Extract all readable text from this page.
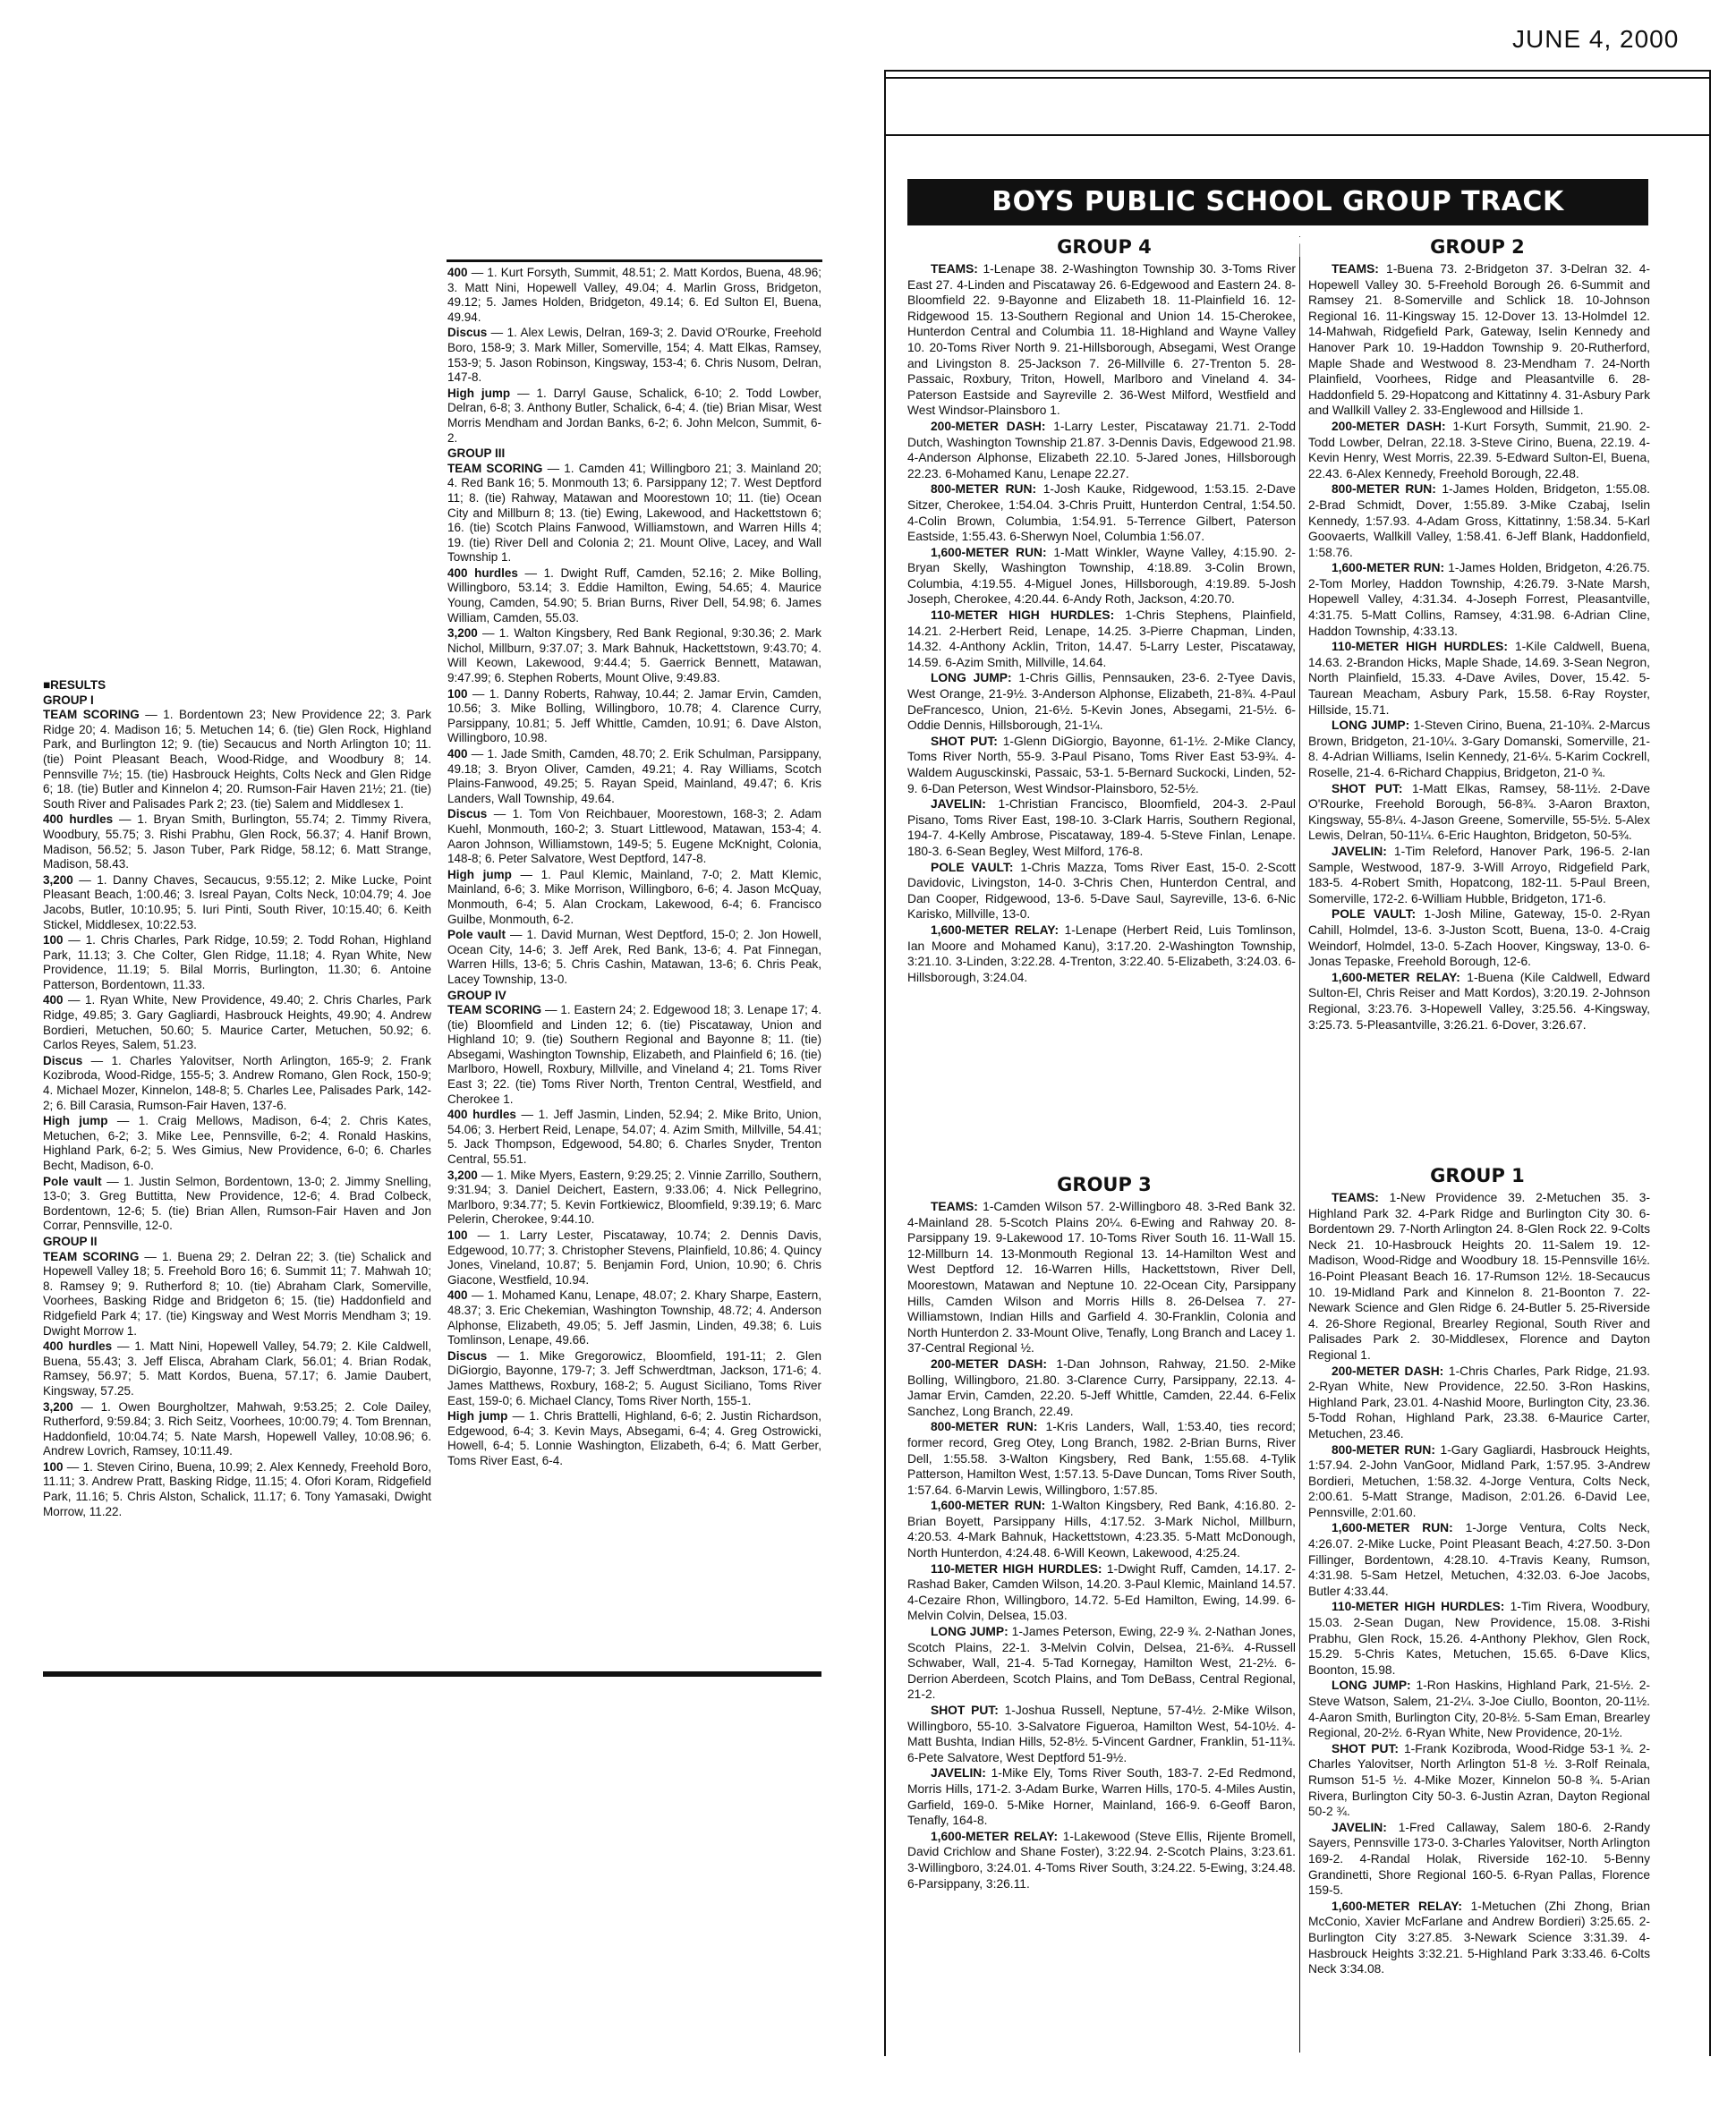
■RESULTS
GROUP I

TEAM SCORING — 1. Bordentown 23; New Providence 22; 3. Park Ridge 20; 4. Madison 16; 5. Metuchen 14; 6. (tie) Glen Rock, Highland Park, and Burlington 12; 9. (tie) Secaucus and North Arlington 10; 11. (tie) Point Pleasant Beach, Wood-Ridge, and Woodbury 8; 14. Pennsville 7½; 15. (tie) Hasbrouck Heights, Colts Neck and Glen Ridge 6; 18. (tie) Butler and Kinnelon 4; 20. Rumson-Fair Haven 21½; 21. (tie) South River and Palisades Park 2; 23. (tie) Salem and Middlesex 1.

400 hurdles — 1. Bryan Smith, Burlington, 55.74; 2. Timmy Rivera, Woodbury, 55.75; 3. Rishi Prabhu, Glen Rock, 56.37; 4. Hanif Brown, Madison, 56.52; 5. Jason Tuber, Park Ridge, 58.12; 6. Matt Strange, Madison, 58.43.

3,200 — 1. Danny Chaves, Secaucus, 9:55.12; 2. Mike Lucke, Point Pleasant Beach, 1:00.46; 3. Isreal Payan, Colts Neck, 10:04.79; 4. Joe Jacobs, Butler, 10:10.95; 5. Iuri Pinti, South River, 10:15.40; 6. Keith Stickel, Middlesex, 10:22.53.

100 — 1. Chris Charles, Park Ridge, 10.59; 2. Todd Rohan, Highland Park, 11.13; 3. Che Colter, Glen Ridge, 11.18; 4. Ryan White, New Providence, 11.19; 5. Bilal Morris, Burlington, 11.30; 6. Antoine Patterson, Bordentown, 11.33.

400 — 1. Ryan White, New Providence, 49.40; 2. Chris Charles, Park Ridge, 49.85; 3. Gary Gagliardi, Hasbrouck Heights, 49.90; 4. Andrew Bordieri, Metuchen, 50.60; 5. Maurice Carter, Metuchen, 50.92; 6. Carlos Reyes, Salem, 51.23.

Discus — 1. Charles Yalovitser, North Arlington, 165-9; 2. Frank Kozibroda, Wood-Ridge, 155-5; 3. Andrew Romano, Glen Rock, 150-9; 4. Michael Mozer, Kinnelon, 148-8; 5. Charles Lee, Palisades Park, 142-2; 6. Bill Carasia, Rumson-Fair Haven, 137-6.

High jump — 1. Craig Mellows, Madison, 6-4; 2. Chris Kates, Metuchen, 6-2; 3. Mike Lee, Pennsville, 6-2; 4. Ronald Haskins, Highland Park, 6-2; 5. Wes Gimius, New Providence, 6-0; 6. Charles Becht, Madison, 6-0.

Pole vault — 1. Justin Selmon, Bordentown, 13-0; 2. Jimmy Snelling, 13-0; 3. Greg Buttitta, New Providence, 12-6; 4. Brad Colbeck, Bordentown, 12-6; 5. (tie) Brian Allen, Rumson-Fair Haven and Jon Corrar, Pennsville, 12-0.

GROUP II

TEAM SCORING — 1. Buena 29; 2. Delran 22; 3. (tie) Schalick and Hopewell Valley 18; 5. Freehold Boro 16; 6. Summit 11; 7. Mahwah 10; 8. Ramsey 9; 9. Rutherford 8; 10. (tie) Abraham Clark, Somerville, Voorhees, Basking Ridge and Bridgeton 6; 15. (tie) Haddonfield and Ridgefield Park 4; 17. (tie) Kingsway and West Morris Mendham 3; 19. Dwight Morrow 1.

400 hurdles — 1. Matt Nini, Hopewell Valley, 54.79; 2. Kile Caldwell, Buena, 55.43; 3. Jeff Elisca, Abraham Clark, 56.01; 4. Brian Rodak, Ramsey, 56.97; 5. Matt Kordos, Buena, 57.17; 6. Jamie Daubert, Kingsway, 57.25.

3,200 — 1. Owen Bourgholtzer, Mahwah, 9:53.25; 2. Cole Dailey, Rutherford, 9:59.84; 3. Rich Seitz, Voorhees, 10:00.79; 4. Tom Brennan, Haddonfield, 10:04.74; 5. Nate Marsh, Hopewell Valley, 10:08.96; 6. Andrew Lovrich, Ramsey, 10:11.49.

100 — 1. Steven Cirino, Buena, 10.99; 2. Alex Kennedy, Freehold Boro, 11.11; 3. Andrew Pratt, Basking Ridge, 11.15; 4. Ofori Koram, Ridgefield Park, 11.16; 5. Chris Alston, Schalick, 11.17; 6. Tony Yamasaki, Dwight Morrow, 11.22.

400 — 1. Kurt Forsyth, Summit, 48.51; 2. Matt Kordos, Buena, 48.96; 3. Matt Nini, Hopewell Valley, 49.04; 4. Marlin Gross, Bridgeton, 49.12; 5. James Holden, Bridgeton, 49.14; 6. Ed Sulton El, Buena, 49.94.

Discus — 1. Alex Lewis, Delran, 169-3; 2. David O'Rourke, Freehold Boro, 158-9; 3. Mark Miller, Somerville, 154; 4. Matt Elkas, Ramsey, 153-9; 5. Jason Robinson, Kingsway, 153-4; 6. Chris Nusom, Delran, 147-8.

High jump — 1. Darryl Gause, Schalick, 6-10; 2. Todd Lowber, Delran, 6-8; 3. Anthony Butler, Schalick, 6-4; 4. (tie) Brian Misar, West Morris Mendham and Jordan Banks, 6-2; 6. John Melcon, Summit, 6-2.

GROUP III

TEAM SCORING — 1. Camden 41; Willingboro 21; 3. Mainland 20; 4. Red Bank 16; 5. Monmouth 13; 6. Parsippany 12; 7. West Deptford 11; 8. (tie) Rahway, Matawan and Moorestown 10; 11. (tie) Ocean City and Millburn 8; 13. (tie) Ewing, Lakewood, and Hackettstown 6; 16. (tie) Scotch Plains Fanwood, Williamstown, and Warren Hills 4; 19. (tie) River Dell and Colonia 2; 21. Mount Olive, Lacey, and Wall Township 1.

400 hurdles — 1. Dwight Ruff, Camden, 52.16; 2. Mike Bolling, Willingboro, 53.14; 3. Eddie Hamilton, Ewing, 54.65; 4. Maurice Young, Camden, 54.90; 5. Brian Burns, River Dell, 54.98; 6. James William, Camden, 55.03.

3,200 — 1. Walton Kingsbery, Red Bank Regional, 9:30.36; 2. Mark Nichol, Millburn, 9:37.07; 3. Mark Bahnuk, Hackettstown, 9:43.70; 4. Will Keown, Lakewood, 9:44.4; 5. Gaerrick Bennett, Matawan, 9:47.99; 6. Stephen Roberts, Mount Olive, 9:49.83.

100 — 1. Danny Roberts, Rahway, 10.44; 2. Jamar Ervin, Camden, 10.56; 3. Mike Bolling, Willingboro, 10.78; 4. Clarence Curry, Parsippany, 10.81; 5. Jeff Whittle, Camden, 10.91; 6. Dave Alston, Willingboro, 10.98.

400 — 1. Jade Smith, Camden, 48.70; 2. Erik Schulman, Parsippany, 49.18; 3. Bryon Oliver, Camden, 49.21; 4. Ray Williams, Scotch Plains-Fanwood, 49.25; 5. Rayan Speid, Mainland, 49.47; 6. Kris Landers, Wall Township, 49.64.

Discus — 1. Tom Von Reichbauer, Moorestown, 168-3; 2. Adam Kuehl, Monmouth, 160-2; 3. Stuart Littlewood, Matawan, 153-4; 4. Aaron Johnson, Williamstown, 149-5; 5. Eugene McKnight, Colonia, 148-8; 6. Peter Salvatore, West Deptford, 147-8.

High jump — 1. Paul Klemic, Mainland, 7-0; 2. Matt Klemic, Mainland, 6-6; 3. Mike Morrison, Willingboro, 6-6; 4. Jason McQuay, Monmouth, 6-4; 5. Alan Crockam, Lakewood, 6-4; 6. Francisco Guilbe, Monmouth, 6-2.

Pole vault — 1. David Murnan, West Deptford, 15-0; 2. Jon Howell, Ocean City, 14-6; 3. Jeff Arek, Red Bank, 13-6; 4. Pat Finnegan, Warren Hills, 13-6; 5. Chris Cashin, Matawan, 13-6; 6. Chris Peak, Lacey Township, 13-0.

GROUP IV

TEAM SCORING — 1. Eastern 24; 2. Edgewood 18; 3. Lenape 17; 4. (tie) Bloomfield and Linden 12; 6. (tie) Piscataway, Union and Highland 10; 9. (tie) Southern Regional and Bayonne 8; 11. (tie) Absegami, Washington Township, Elizabeth, and Plainfield 6; 16. (tie) Marlboro, Howell, Roxbury, Millville, and Vineland 4; 21. Toms River East 3; 22. (tie) Toms River North, Trenton Central, Westfield, and Cherokee 1.

400 hurdles — 1. Jeff Jasmin, Linden, 52.94; 2. Mike Brito, Union, 54.06; 3. Herbert Reid, Lenape, 54.07; 4. Azim Smith, Millville, 54.41; 5. Jack Thompson, Edgewood, 54.80; 6. Charles Snyder, Trenton Central, 55.51.

3,200 — 1. Mike Myers, Eastern, 9:29.25; 2. Vinnie Zarrillo, Southern, 9:31.94; 3. Daniel Deichert, Eastern, 9:33.06; 4. Nick Pellegrino, Marlboro, 9:34.77; 5. Kevin Fortkiewicz, Bloomfield, 9:39.19; 6. Marc Pelerin, Cherokee, 9:44.10.

100 — 1. Larry Lester, Piscataway, 10.74; 2. Dennis Davis, Edgewood, 10.77; 3. Christopher Stevens, Plainfield, 10.86; 4. Quincy Jones, Vineland, 10.87; 5. Benjamin Ford, Union, 10.90; 6. Chris Giacone, Westfield, 10.94.

400 — 1. Mohamed Kanu, Lenape, 48.07; 2. Khary Sharpe, Eastern, 48.37; 3. Eric Chekemian, Washington Township, 48.72; 4. Anderson Alphonse, Elizabeth, 49.05; 5. Jeff Jasmin, Linden, 49.38; 6. Luis Tomlinson, Lenape, 49.66.

Discus — 1. Mike Gregorowicz, Bloomfield, 191-11; 2. Glen DiGiorgio, Bayonne, 179-7; 3. Jeff Schwerdtman, Jackson, 171-6; 4. James Matthews, Roxbury, 168-2; 5. August Siciliano, Toms River East, 159-0; 6. Michael Clancy, Toms River North, 155-1.

High jump — 1. Chris Brattelli, Highland, 6-6; 2. Justin Richardson, Edgewood, 6-4; 3. Kevin Mays, Absegami, 6-4; 4. Greg Ostrowicki, Howell, 6-4; 5. Lonnie Washington, Elizabeth, 6-4; 6. Matt Gerber, Toms River East, 6-4.

JUNE 4, 2000
BOYS PUBLIC SCHOOL GROUP TRACK CHAMPIONSHIPS
GROUP 4

TEAMS: 1-Lenape 38. 2-Washington Township 30. 3-Toms River East 27. 4-Linden and Piscataway 26. 6-Edgewood and Eastern 24. 8-Bloomfield 22. 9-Bayonne and Elizabeth 18. 11-Plainfield 16. 12-Ridgewood 15. 13-Southern Regional and Union 14. 15-Cherokee, Hunterdon Central and Columbia 11. 18-Highland and Wayne Valley 10. 20-Toms River North 9. 21-Hillsborough, Absegami, West Orange and Livingston 8. 25-Jackson 7. 26-Millville 6. 27-Trenton 5. 28-Passaic, Roxbury, Triton, Howell, Marlboro and Vineland 4. 34-Paterson Eastside and Sayreville 2. 36-West Milford, Westfield and West Windsor-Plainsboro 1.

200-METER DASH: 1-Larry Lester, Piscataway 21.71. 2-Todd Dutch, Washington Township 21.87. 3-Dennis Davis, Edgewood 21.98. 4-Anderson Alphonse, Elizabeth 22.10. 5-Jared Jones, Hillsborough 22.23. 6-Mohamed Kanu, Lenape 22.27.

800-METER RUN: 1-Josh Kauke, Ridgewood, 1:53.15. 2-Dave Sitzer, Cherokee, 1:54.04. 3-Chris Pruitt, Hunterdon Central, 1:54.50. 4-Colin Brown, Columbia, 1:54.91. 5-Terrence Gilbert, Paterson Eastside, 1:55.43. 6-Sherwyn Noel, Columbia 1:56.07.

1,600-METER RUN: 1-Matt Winkler, Wayne Valley, 4:15.90. 2-Bryan Skelly, Washington Township, 4:18.89. 3-Colin Brown, Columbia, 4:19.55. 4-Miguel Jones, Hillsborough, 4:19.89. 5-Josh Joseph, Cherokee, 4:20.44. 6-Andy Roth, Jackson, 4:20.70.

110-METER HIGH HURDLES: 1-Chris Stephens, Plainfield, 14.21. 2-Herbert Reid, Lenape, 14.25. 3-Pierre Chapman, Linden, 14.32. 4-Anthony Acklin, Triton, 14.47. 5-Larry Lester, Piscataway, 14.59. 6-Azim Smith, Millville, 14.64.

LONG JUMP: 1-Chris Gillis, Pennsauken, 23-6. 2-Tyee Davis, West Orange, 21-9½. 3-Anderson Alphonse, Elizabeth, 21-8¾. 4-Paul DeFrancesco, Union, 21-6½. 5-Kevin Jones, Absegami, 21-5½. 6-Oddie Dennis, Hillsborough, 21-1¼.

SHOT PUT: 1-Glenn DiGiorgio, Bayonne, 61-1½. 2-Mike Clancy, Toms River North, 55-9. 3-Paul Pisano, Toms River East 53-9¾. 4-Waldem Augusckinski, Passaic, 53-1. 5-Bernard Suckocki, Linden, 52-9. 6-Dan Peterson, West Windsor-Plainsboro, 52-5½.

JAVELIN: 1-Christian Francisco, Bloomfield, 204-3. 2-Paul Pisano, Toms River East, 198-10. 3-Clark Harris, Southern Regional, 194-7. 4-Kelly Ambrose, Piscataway, 189-4. 5-Steve Finlan, Lenape. 180-3. 6-Sean Begley, West Milford, 176-8.

POLE VAULT: 1-Chris Mazza, Toms River East, 15-0. 2-Scott Davidovic, Livingston, 14-0. 3-Chris Chen, Hunterdon Central, and Dan Cooper, Ridgewood, 13-6. 5-Dave Saul, Sayreville, 13-6. 6-Nic Karisko, Millville, 13-0.

1,600-METER RELAY: 1-Lenape (Herbert Reid, Luis Tomlinson, Ian Moore and Mohamed Kanu), 3:17.20. 2-Washington Township, 3:21.10. 3-Linden, 3:22.28. 4-Trenton, 3:22.40. 5-Elizabeth, 3:24.03. 6-Hillsborough, 3:24.04.

GROUP 3

TEAMS: 1-Camden Wilson 57. 2-Willingboro 48. 3-Red Bank 32. 4-Mainland 28. 5-Scotch Plains 20¼. 6-Ewing and Rahway 20. 8-Parsippany 19. 9-Lakewood 17. 10-Toms River South 16. 11-Wall 15. 12-Millburn 14. 13-Monmouth Regional 13. 14-Hamilton West and West Deptford 12. 16-Warren Hills, Hackettstown, River Dell, Moorestown, Matawan and Neptune 10. 22-Ocean City, Parsippany Hills, Camden Wilson and Morris Hills 8. 26-Delsea 7. 27-Williamstown, Indian Hills and Garfield 4. 30-Franklin, Colonia and North Hunterdon 2. 33-Mount Olive, Tenafly, Long Branch and Lacey 1. 37-Central Regional ½.

200-METER DASH: 1-Dan Johnson, Rahway, 21.50. 2-Mike Bolling, Willingboro, 21.80. 3-Clarence Curry, Parsippany, 22.13. 4-Jamar Ervin, Camden, 22.20. 5-Jeff Whittle, Camden, 22.44. 6-Felix Sanchez, Long Branch, 22.49.

800-METER RUN: 1-Kris Landers, Wall, 1:53.40, ties record; former record, Greg Otey, Long Branch, 1982. 2-Brian Burns, River Dell, 1:55.58. 3-Walton Kingsbery, Red Bank, 1:55.68. 4-Tylik Patterson, Hamilton West, 1:57.13. 5-Dave Duncan, Toms River South, 1:57.64. 6-Marvin Lewis, Willingboro, 1:57.85.

1,600-METER RUN: 1-Walton Kingsbery, Red Bank, 4:16.80. 2-Brian Boyett, Parsippany Hills, 4:17.52. 3-Mark Nichol, Millburn, 4:20.53. 4-Mark Bahnuk, Hackettstown, 4:23.35. 5-Matt McDonough, North Hunterdon, 4:24.48. 6-Will Keown, Lakewood, 4:25.24.

110-METER HIGH HURDLES: 1-Dwight Ruff, Camden, 14.17. 2-Rashad Baker, Camden Wilson, 14.20. 3-Paul Klemic, Mainland 14.57. 4-Cezaire Rhon, Willingboro, 14.72. 5-Ed Hamilton, Ewing, 14.99. 6-Melvin Colvin, Delsea, 15.03.

LONG JUMP: 1-James Peterson, Ewing, 22-9 ¾. 2-Nathan Jones, Scotch Plains, 22-1. 3-Melvin Colvin, Delsea, 21-6¾. 4-Russell Schwaber, Wall, 21-4. 5-Tad Kornegay, Hamilton West, 21-2½. 6-Derrion Aberdeen, Scotch Plains, and Tom DeBass, Central Regional, 21-2.

SHOT PUT: 1-Joshua Russell, Neptune, 57-4½. 2-Mike Wilson, Willingboro, 55-10. 3-Salvatore Figueroa, Hamilton West, 54-10½. 4-Matt Bushta, Indian Hills, 52-8½. 5-Vincent Gardner, Franklin, 51-11¾. 6-Pete Salvatore, West Deptford 51-9½.

JAVELIN: 1-Mike Ely, Toms River South, 183-7. 2-Ed Redmond, Morris Hills, 171-2. 3-Adam Burke, Warren Hills, 170-5. 4-Miles Austin, Garfield, 169-0. 5-Mike Horner, Mainland, 166-9. 6-Geoff Baron, Tenafly, 164-8.

1,600-METER RELAY: 1-Lakewood (Steve Ellis, Rijente Bromell, David Crichlow and Shane Foster), 3:22.94. 2-Scotch Plains, 3:23.61. 3-Willingboro, 3:24.01. 4-Toms River South, 3:24.22. 5-Ewing, 3:24.48. 6-Parsippany, 3:26.11.

GROUP 2

TEAMS: 1-Buena 73. 2-Bridgeton 37. 3-Delran 32. 4-Hopewell Valley 30. 5-Freehold Borough 26. 6-Summit and Ramsey 21. 8-Somerville and Schlick 18. 10-Johnson Regional 16. 11-Kingsway 15. 12-Dover 13. 13-Holmdel 12. 14-Mahwah, Ridgefield Park, Gateway, Iselin Kennedy and Hanover Park 10. 19-Haddon Township 9. 20-Rutherford, Maple Shade and Westwood 8. 23-Mendham 7. 24-North Plainfield, Voorhees, Ridge and Pleasantville 6. 28-Haddonfield 5. 29-Hopatcong and Kittatinny 4. 31-Asbury Park and Wallkill Valley 2. 33-Englewood and Hillside 1.

200-METER DASH: 1-Kurt Forsyth, Summit, 21.90. 2-Todd Lowber, Delran, 22.18. 3-Steve Cirino, Buena, 22.19. 4-Kevin Henry, West Morris, 22.39. 5-Edward Sulton-El, Buena, 22.43. 6-Alex Kennedy, Freehold Borough, 22.48.

800-METER RUN: 1-James Holden, Bridgeton, 1:55.08. 2-Brad Schmidt, Dover, 1:55.89. 3-Mike Czabaj, Iselin Kennedy, 1:57.93. 4-Adam Gross, Kittatinny, 1:58.34. 5-Karl Goovaerts, Wallkill Valley, 1:58.41. 6-Jeff Blank, Haddonfield, 1:58.76.

1,600-METER RUN: 1-James Holden, Bridgeton, 4:26.75. 2-Tom Morley, Haddon Township, 4:26.79. 3-Nate Marsh, Hopewell Valley, 4:31.34. 4-Joseph Forrest, Pleasantville, 4:31.75. 5-Matt Collins, Ramsey, 4:31.98. 6-Adrian Cline, Haddon Township, 4:33.13.

110-METER HIGH HURDLES: 1-Kile Caldwell, Buena, 14.63. 2-Brandon Hicks, Maple Shade, 14.69. 3-Sean Negron, North Plainfield, 15.33. 4-Dave Aviles, Dover, 15.42. 5-Taurean Meacham, Asbury Park, 15.58. 6-Ray Royster, Hillside, 15.71.

LONG JUMP: 1-Steven Cirino, Buena, 21-10¾. 2-Marcus Brown, Bridgeton, 21-10¼. 3-Gary Domanski, Somerville, 21-8. 4-Adrian Williams, Iselin Kennedy, 21-6¼. 5-Karim Cockrell, Roselle, 21-4. 6-Richard Chappius, Bridgeton, 21-0 ¾.

SHOT PUT: 1-Matt Elkas, Ramsey, 58-11½. 2-Dave O'Rourke, Freehold Borough, 56-8¾. 3-Aaron Braxton, Kingsway, 55-8¼. 4-Jason Greene, Somerville, 55-5½. 5-Alex Lewis, Delran, 50-11¼. 6-Eric Haughton, Bridgeton, 50-5¾.

JAVELIN: 1-Tim Releford, Hanover Park, 196-5. 2-Ian Sample, Westwood, 187-9. 3-Will Arroyo, Ridgefield Park, 183-5. 4-Robert Smith, Hopatcong, 182-11. 5-Paul Breen, Somerville, 172-2. 6-William Hubble, Bridgeton, 171-6.

POLE VAULT: 1-Josh Miline, Gateway, 15-0. 2-Ryan Cahill, Holmdel, 13-6. 3-Juston Scott, Buena, 13-0. 4-Craig Weindorf, Holmdel, 13-0. 5-Zach Hoover, Kingsway, 13-0. 6-Jonas Tepaske, Freehold Borough, 12-6.

1,600-METER RELAY: 1-Buena (Kile Caldwell, Edward Sulton-El, Chris Reiser and Matt Kordos), 3:20.19. 2-Johnson Regional, 3:23.76. 3-Hopewell Valley, 3:25.56. 4-Kingsway, 3:25.73. 5-Pleasantville, 3:26.21. 6-Dover, 3:26.67.

GROUP 1

TEAMS: 1-New Providence 39. 2-Metuchen 35. 3-Highland Park 32. 4-Park Ridge and Burlington City 30. 6-Bordentown 29. 7-North Arlington 24. 8-Glen Rock 22. 9-Colts Neck 21. 10-Hasbrouck Heights 20. 11-Salem 19. 12-Madison, Wood-Ridge and Woodbury 18. 15-Pennsville 16½. 16-Point Pleasant Beach 16. 17-Rumson 12½. 18-Secaucus 10. 19-Midland Park and Kinnelon 8. 21-Boonton 7. 22-Newark Science and Glen Ridge 6. 24-Butler 5. 25-Riverside 4. 26-Shore Regional, Brearley Regional, South River and Palisades Park 2. 30-Middlesex, Florence and Dayton Regional 1.

200-METER DASH: 1-Chris Charles, Park Ridge, 21.93. 2-Ryan White, New Providence, 22.50. 3-Ron Haskins, Highland Park, 23.01. 4-Nashid Moore, Burlington City, 23.36. 5-Todd Rohan, Highland Park, 23.38. 6-Maurice Carter, Metuchen, 23.46.

800-METER RUN: 1-Gary Gagliardi, Hasbrouck Heights, 1:57.94. 2-John VanGoor, Midland Park, 1:57.95. 3-Andrew Bordieri, Metuchen, 1:58.32. 4-Jorge Ventura, Colts Neck, 2:00.61. 5-Matt Strange, Madison, 2:01.26. 6-David Lee, Pennsville, 2:01.60.

1,600-METER RUN: 1-Jorge Ventura, Colts Neck, 4:26.07. 2-Mike Lucke, Point Pleasant Beach, 4:27.50. 3-Don Fillinger, Bordentown, 4:28.10. 4-Travis Keany, Rumson, 4:31.98. 5-Sam Hetzel, Metuchen, 4:32.03. 6-Joe Jacobs, Butler 4:33.44.

110-METER HIGH HURDLES: 1-Tim Rivera, Woodbury, 15.03. 2-Sean Dugan, New Providence, 15.08. 3-Rishi Prabhu, Glen Rock, 15.26. 4-Anthony Plekhov, Glen Rock, 15.29. 5-Chris Kates, Metuchen, 15.65. 6-Dave Klics, Boonton, 15.98.

LONG JUMP: 1-Ron Haskins, Highland Park, 21-5½. 2-Steve Watson, Salem, 21-2¼. 3-Joe Ciullo, Boonton, 20-11½. 4-Aaron Smith, Burlington City, 20-8½. 5-Sam Eman, Brearley Regional, 20-2½. 6-Ryan White, New Providence, 20-1½.

SHOT PUT: 1-Frank Kozibroda, Wood-Ridge 53-1 ¾. 2-Charles Yalovitser, North Arlington 51-8 ½. 3-Rolf Reinala, Rumson 51-5 ½. 4-Mike Mozer, Kinnelon 50-8 ¾. 5-Arian Rivera, Burlington City 50-3. 6-Justin Azran, Dayton Regional 50-2 ¾.

JAVELIN: 1-Fred Callaway, Salem 180-6. 2-Randy Sayers, Pennsville 173-0. 3-Charles Yalovitser, North Arlington 169-2. 4-Randal Holak, Riverside 162-10. 5-Benny Grandinetti, Shore Regional 160-5. 6-Ryan Pallas, Florence 159-5.

1,600-METER RELAY: 1-Metuchen (Zhi Zhong, Brian McConio, Xavier McFarlane and Andrew Bordieri) 3:25.65. 2-Burlington City 3:27.85. 3-Newark Science 3:31.39. 4-Hasbrouck Heights 3:32.21. 5-Highland Park 3:33.46. 6-Colts Neck 3:34.08.
